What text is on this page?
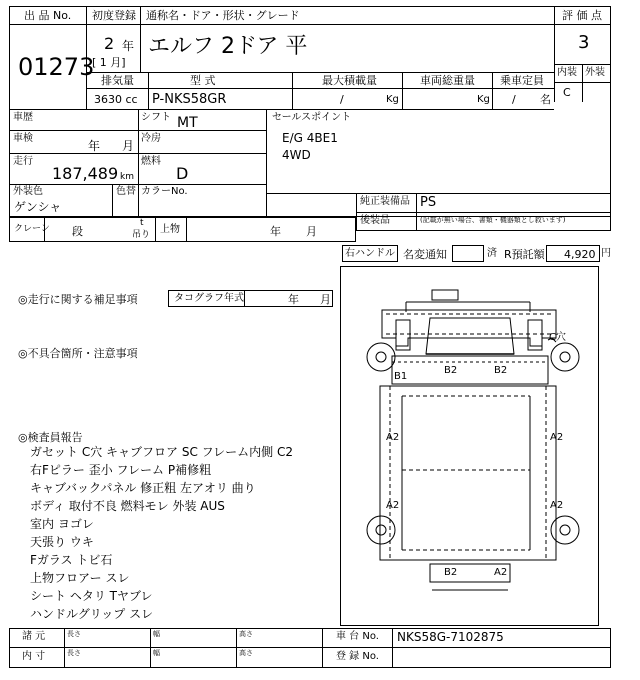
出 品 No.
01273
初度登録 通称名・ドア・形状・グレード
2 年
[ 1 月]
エルフ 2ドア 平
評 価 点
3
内装 外装
C
排気量	型 式	最大積載量	車両総重量 乗車定員
3630 cc P-NKS58GR	/	Kg	Kg / 名
車歴	シフト MT
車検
年 月
冷房
走行
187,489 km
燃料
D
外装色
ゲンシャ
色替 カラーNo.
セールスポイント
E/G 4BE1
4WD
純正装備品 PS
後装品	(記載が無い場合、書類・機器類とし救います)
クレーン 段
t
吊り 上物	年 月
右ハンドル 名変通知	済 R預託額 4,920 円
◎走行に関する補足事項	タコグラフ年式	年 月
◎不具合箇所・注意事項
◎検査員報告
ガセット C穴 キャブフロア SC フレーム内側 C2
右Fピラー 歪小 フレーム P補修粗
キャブバックパネル 修正粗 左アオリ 曲り
ボディ 取付不良 燃料モレ 外装 AUS
室内 ヨゴレ
天張り ウキ
Fガラス トビ石
上物フロアー スレ
シート ヘタリ Tヤブレ
ハンドルグリップ スレ
C穴
B1
B2	B2
A2	A2
A2	A2
B2	A2
諸 元
内 寸
長さ
長さ
幅
幅
高さ
高さ
車 台 No. NKS58G-7102875
登 録 No.
